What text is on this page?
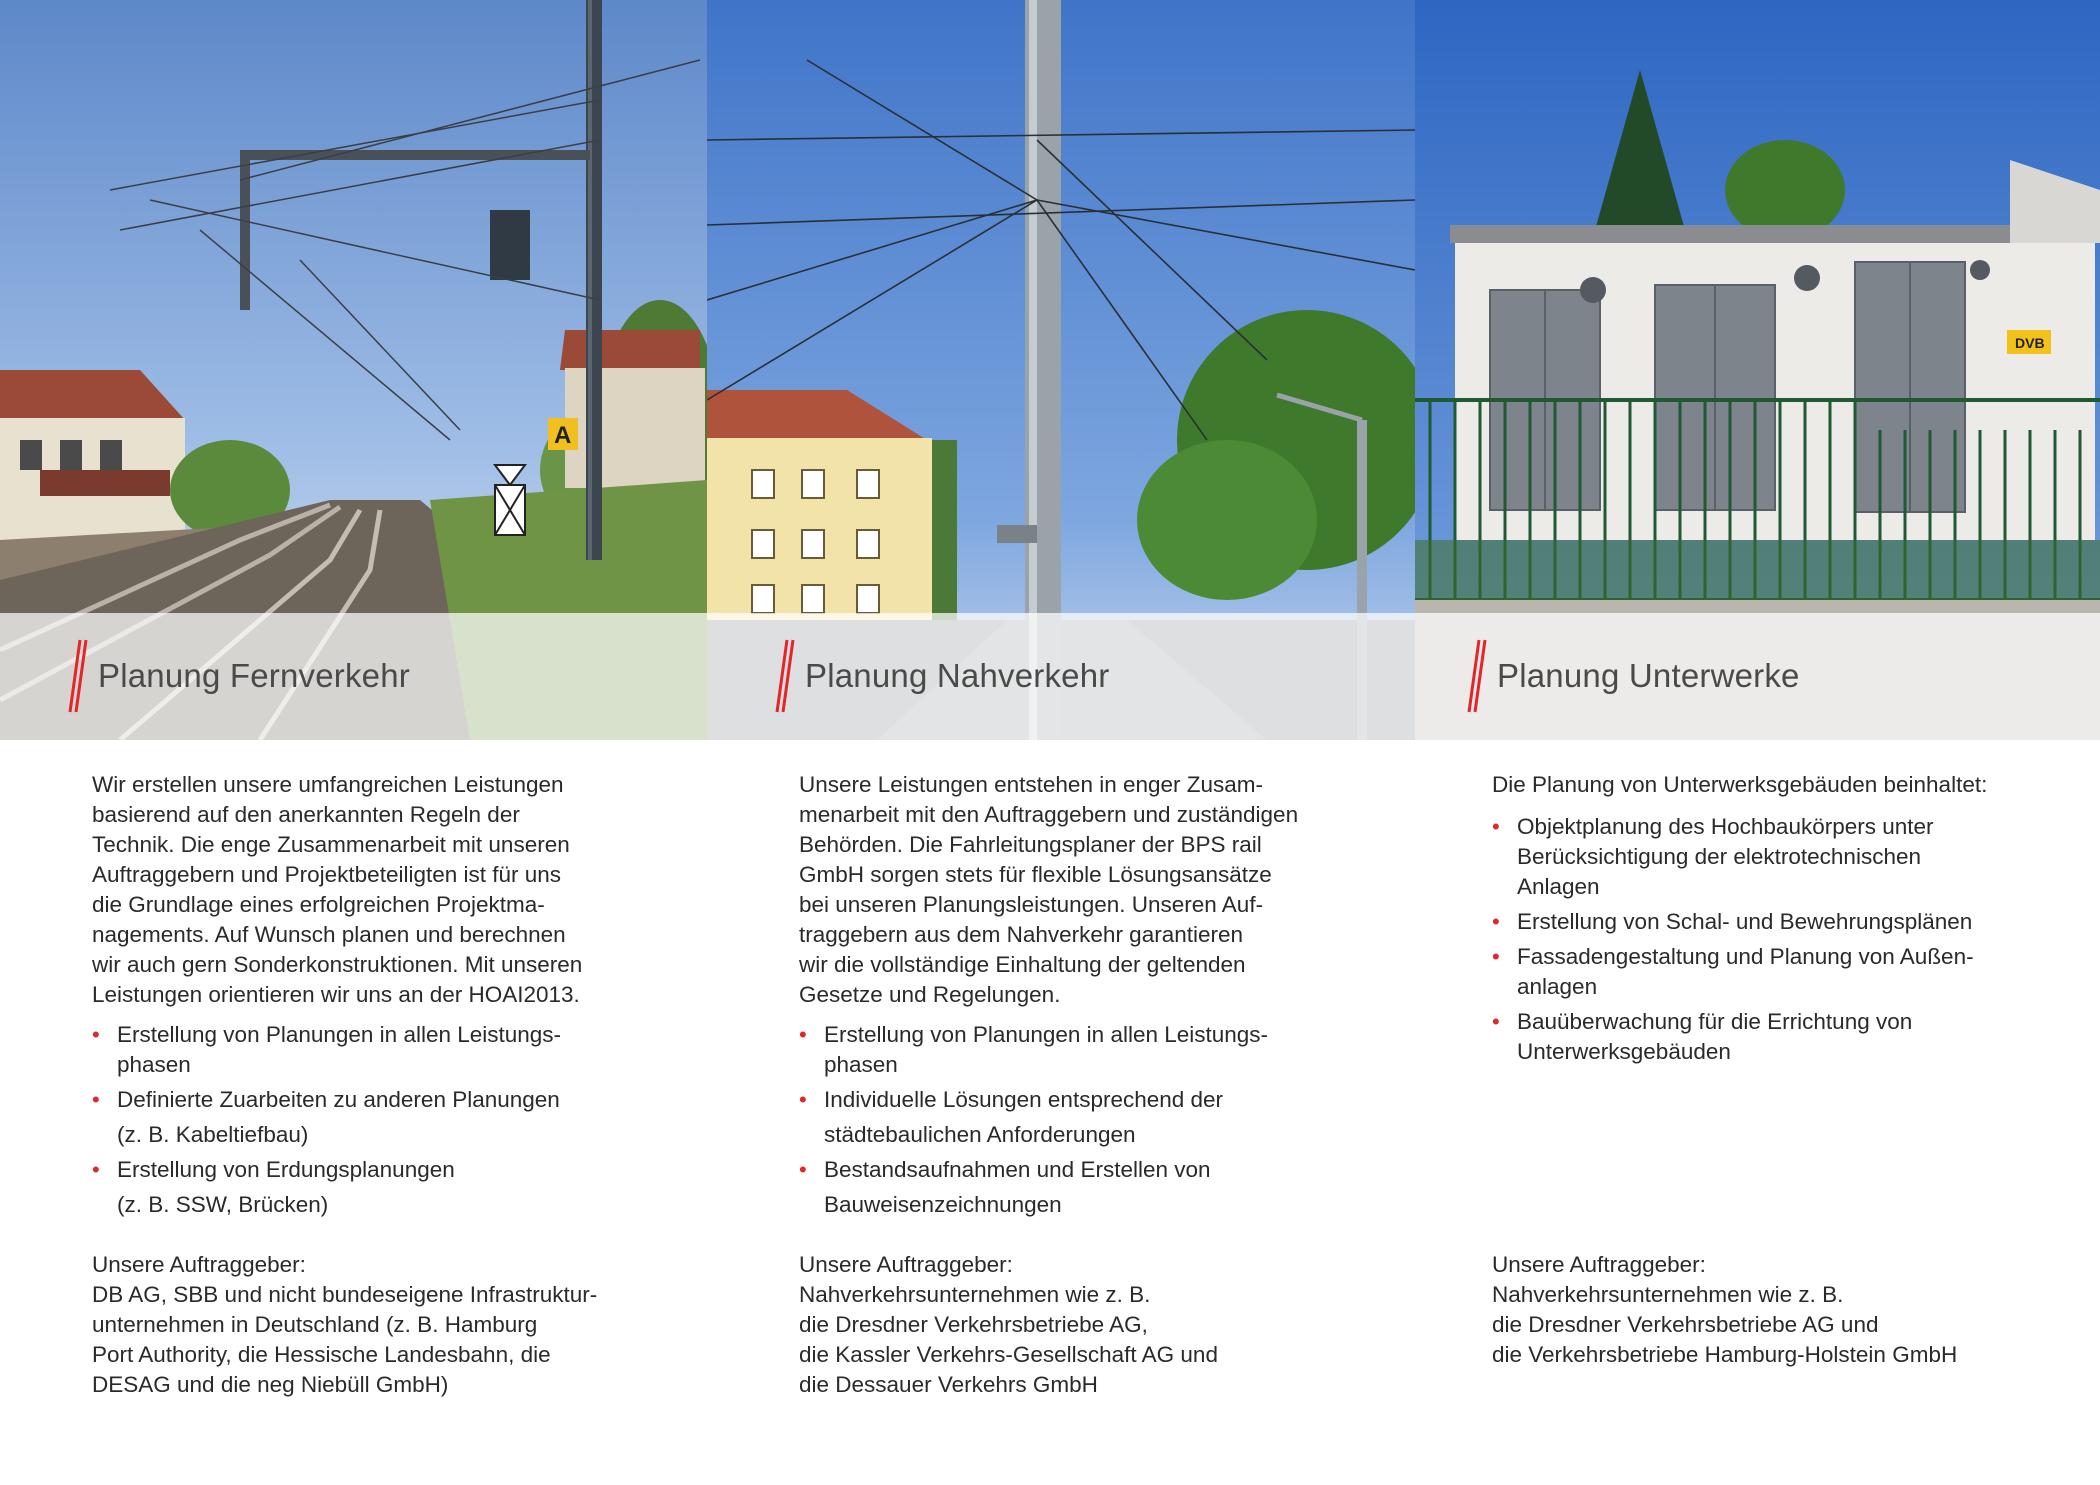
A
DVB
Planung Fernverkehr	Planung Nahverkehr	Planung Unterwerke

Wir erstellen unsere umfangreichen Leistungen
basierend auf den anerkannten Regeln der
Technik. Die enge Zusammenarbeit mit unseren
Auftraggebern und Projektbeteiligten ist für uns
die Grundlage eines erfolgreichen Projektma-
nagements. Auf Wunsch planen und berechnen
wir auch gern Sonderkonstruktionen. Mit unseren
Leistungen orientieren wir uns an der HOAI2013.

• Erstellung von Planungen in allen Leistungs-
phasen
• Definierte Zuarbeiten zu anderen Planungen
(z. B. Kabeltiefbau)
• Erstellung von Erdungsplanungen
(z. B. SSW, Brücken)

Unsere Leistungen entstehen in enger Zusam-
menarbeit mit den Auftraggebern und zuständigen
Behörden. Die Fahrleitungsplaner der BPS rail
GmbH sorgen stets für flexible Lösungsansätze
bei unseren Planungsleistungen. Unseren Auf-
traggebern aus dem Nahverkehr garantieren
wir die vollständige Einhaltung der geltenden
Gesetze und Regelungen.

• Erstellung von Planungen in allen Leistungs-
phasen
• Individuelle Lösungen entsprechend der
städtebaulichen Anforderungen
• Bestandsaufnahmen und Erstellen von
Bauweisenzeichnungen

Die Planung von Unterwerksgebäuden beinhaltet:

• Objektplanung des Hochbaukörpers unter
Berücksichtigung der elektrotechnischen
Anlagen
• Erstellung von Schal- und Bewehrungsplänen
• Fassadengestaltung und Planung von Außen-
anlagen
• Bauüberwachung für die Errichtung von
Unterwerksgebäuden
Unsere Auftraggeber:
DB AG, SBB und nicht bundeseigene Infrastruktur-
unternehmen in Deutschland (z. B. Hamburg
Port Authority, die Hessische Landesbahn, die
DESAG und die neg Niebüll GmbH)
Unsere Auftraggeber:
Nahverkehrsunternehmen wie z. B.
die Dresdner Verkehrsbetriebe AG,
die Kassler Verkehrs-Gesellschaft AG und
die Dessauer Verkehrs GmbH
Unsere Auftraggeber:
Nahverkehrsunternehmen wie z. B.
die Dresdner Verkehrsbetriebe AG und
die Verkehrsbetriebe Hamburg-Holstein GmbH
